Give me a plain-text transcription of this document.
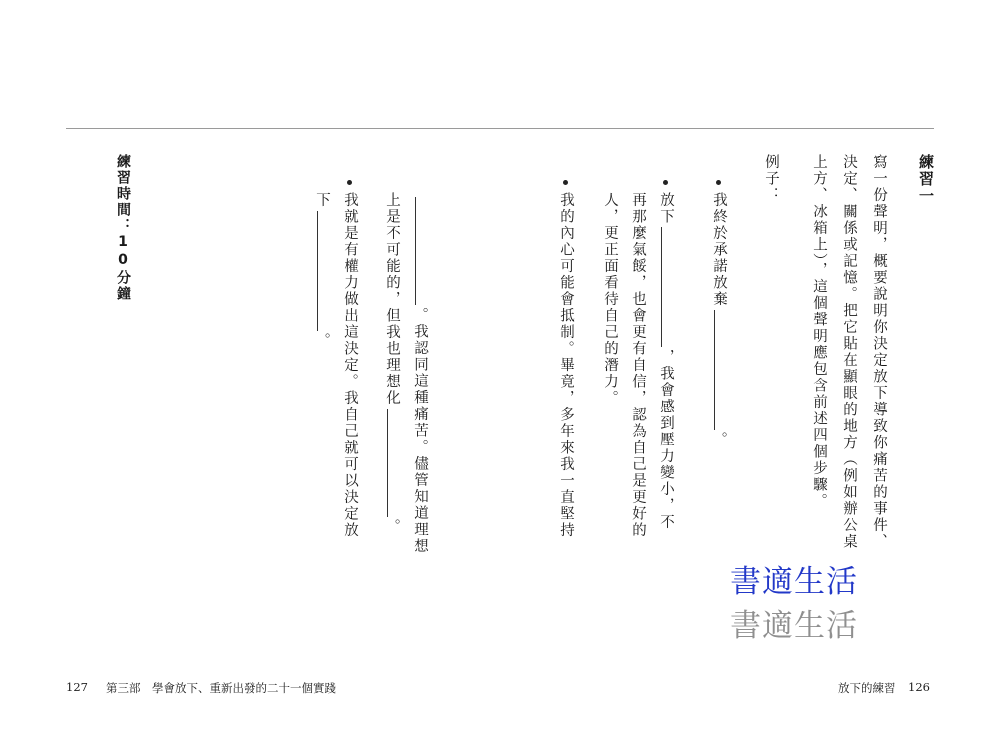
練習一
寫一份聲明，概要說明你決定放下導致你痛苦的事件、
決定、關係或記憶。把它貼在顯眼的地方（例如辦公桌
上方、冰箱上），這個聲明應包含前述四個步驟。
例子：
我終於承諾放棄。
放下，我會感到壓力變小，不
再那麼氣餒，也會更有自信，認為自己是更好的
人，更正面看待自己的潛力。
我的內心可能會抵制。畢竟，多年來我一直堅持
。我認同這種痛苦。儘管知道理想
上是不可能的，但我也理想化。
我就是有權力做出這決定。我自己就可以決定放
下。
練習時間：10分鐘
書適生活
書適生活
127 第三部　學會放下、重新出發的二十一個實踐	放下的練習 126
